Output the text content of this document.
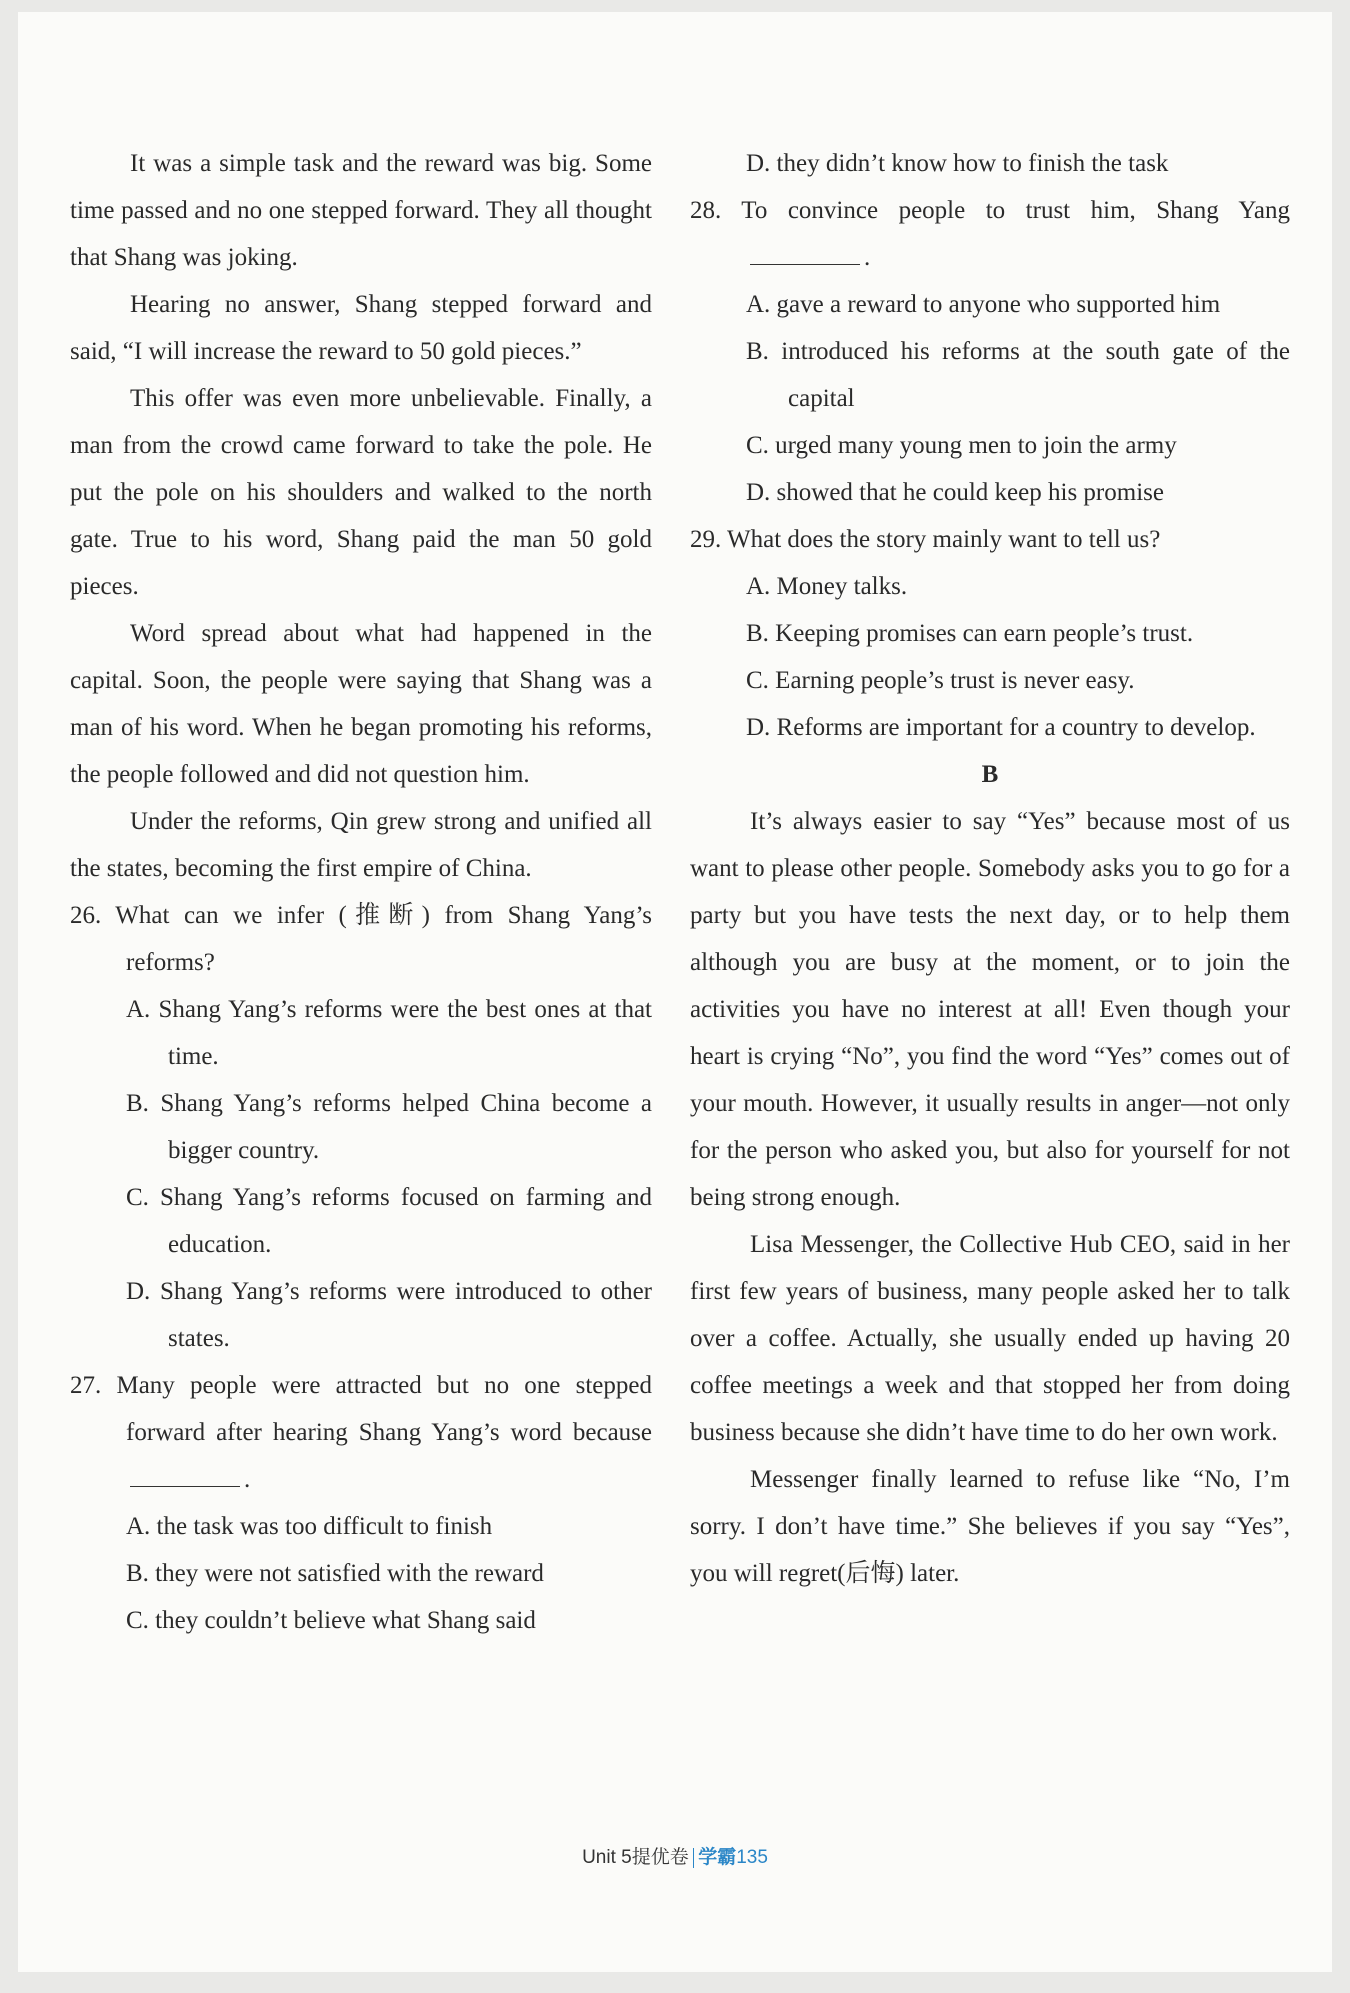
It was a simple task and the reward was big. Some time passed and no one stepped forward. They all thought that Shang was joking.

Hearing no answer, Shang stepped forward and said, “I will increase the reward to 50 gold pieces.”

This offer was even more unbelievable. Finally, a man from the crowd came forward to take the pole. He put the pole on his shoulders and walked to the north gate. True to his word, Shang paid the man 50 gold pieces.

Word spread about what had happened in the capital. Soon, the people were saying that Shang was a man of his word. When he began promoting his reforms, the people followed and did not question him.

Under the reforms, Qin grew strong and unified all the states, becoming the first empire of China.

26. What can we infer (推断) from Shang Yang’s reforms?

A. Shang Yang’s reforms were the best ones at that time.

B. Shang Yang’s reforms helped China become a bigger country.

C. Shang Yang’s reforms focused on farming and education.

D. Shang Yang’s reforms were introduced to other states.

27. Many people were attracted but no one stepped forward after hearing Shang Yang’s word because.

A. the task was too difficult to finish

B. they were not satisfied with the reward

C. they couldn’t believe what Shang said

D. they didn’t know how to finish the task

28. To convince people to trust him, Shang Yang.

A. gave a reward to anyone who supported him

B. introduced his reforms at the south gate of the capital

C. urged many young men to join the army

D. showed that he could keep his promise

29. What does the story mainly want to tell us?

A. Money talks.

B. Keeping promises can earn people’s trust.

C. Earning people’s trust is never easy.

D. Reforms are important for a country to develop.

B

It’s always easier to say “Yes” because most of us want to please other people. Somebody asks you to go for a party but you have tests the next day, or to help them although you are busy at the moment, or to join the activities you have no interest at all! Even though your heart is crying “No”, you find the word “Yes” comes out of your mouth. However, it usually results in anger—not only for the person who asked you, but also for yourself for not being strong enough.

Lisa Messenger, the Collective Hub CEO, said in her first few years of business, many people asked her to talk over a coffee. Actually, she usually ended up having 20 coffee meetings a week and that stopped her from doing business because she didn’t have time to do her own work.

Messenger finally learned to refuse like “No, I’m sorry. I don’t have time.” She believes if you say “Yes”, you will regret(后悔) later.

Unit 5提优卷 学霸135
